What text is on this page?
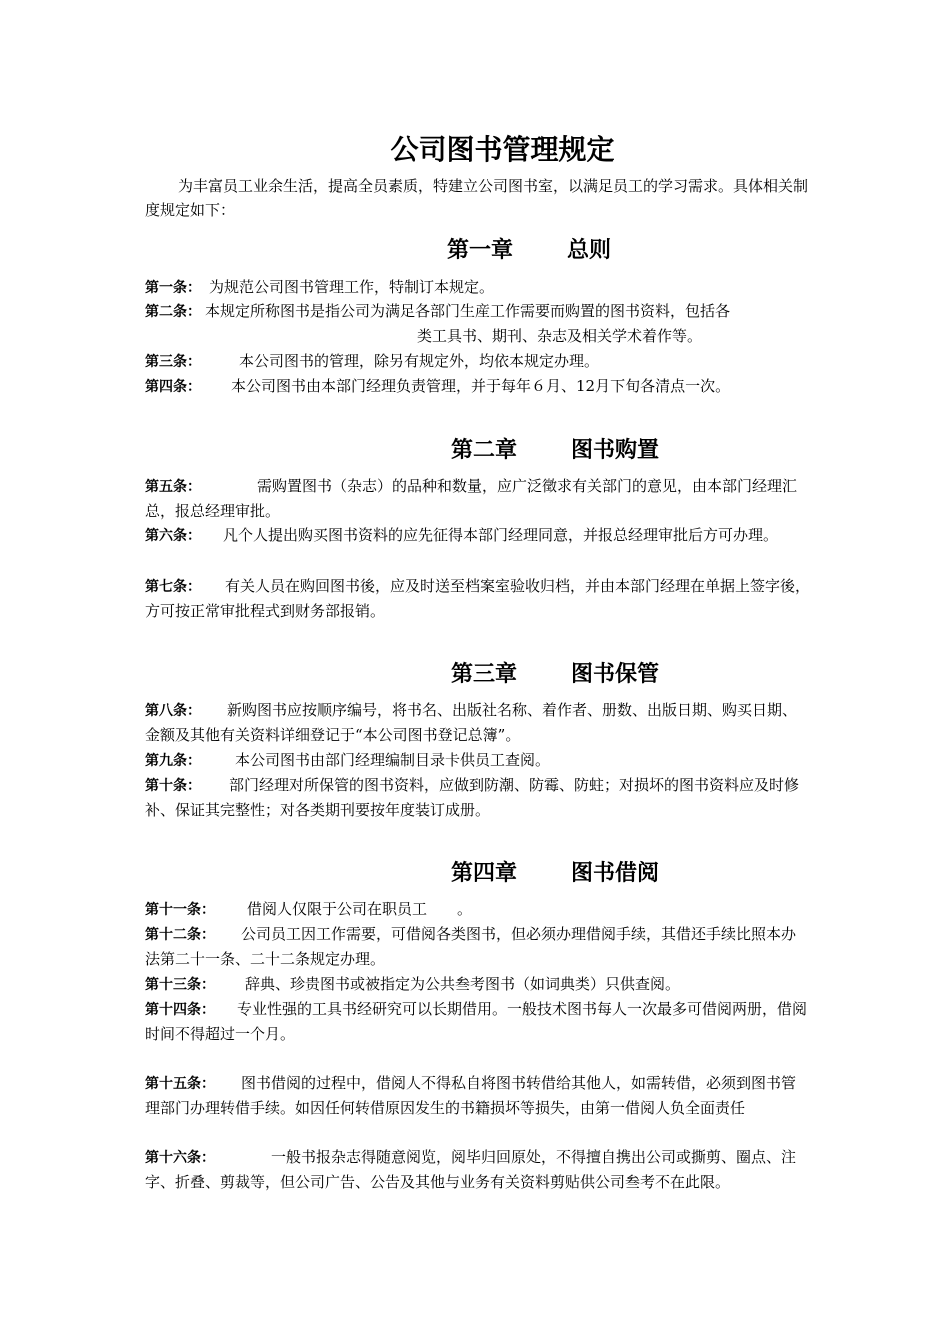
公司图书管理规定
为丰富员工业余生活，提高全员素质，特建立公司图书室，以满足员工的学习需求。具体相关制度规定如下：
第一章 总则
第一条： 为规范公司图书管理工作，特制订本规定。
第二条： 本规定所称图书是指公司为满足各部门生産工作需要而购置的图书资料，包括各
类工具书、期刊、杂志及相关学术着作等。
第三条：	本公司图书的管理，除另有规定外，均依本规定办理。
第四条： 本公司图书由本部门经理负责管理，并于每年６月、12月下旬各清点一次。
第二章 图书购置
第五条：	需购置图书（杂志）的品种和数量，应广泛徵求有关部门的意见，由本部门经理汇总，报总经理审批。
第六条： 凡个人提出购买图书资料的应先征得本部门经理同意，并报总经理审批后方可办理。
第七条： 有关人员在购回图书後，应及时送至档案室验收归档，并由本部门经理在单据上签字後，方可按正常审批程式到财务部报销。
第三章 图书保管
第八条： 新购图书应按顺序编号，将书名、出版社名称、着作者、册数、出版日期、购买日期、金额及其他有关资料详细登记于“本公司图书登记总簿”。
第九条： 本公司图书由部门经理编制目录卡供员工查阅。
第十条： 部门经理对所保管的图书资料，应做到防潮、防霉、防蛀；对损坏的图书资料应及时修补、保证其完整性；对各类期刊要按年度装订成册。
第四章 图书借阅
第十一条： 借阅人仅限于公司在职员工　　。
第十二条： 公司员工因工作需要，可借阅各类图书，但必须办理借阅手续，其借还手续比照本办法第二十一条、二十二条规定办理。
第十三条： 辞典、珍贵图书或被指定为公共叁考图书（如词典类）只供查阅。
第十四条： 专业性强的工具书经研究可以长期借用。一般技术图书每人一次最多可借阅两册，借阅时间不得超过一个月。
第十五条： 图书借阅的过程中，借阅人不得私自将图书转借给其他人，如需转借，必须到图书管理部门办理转借手续。如因任何转借原因发生的书籍损坏等损失，由第一借阅人负全面责任
第十六条：	一般书报杂志得随意阅览，阅毕归回原处，不得擅自携出公司或撕剪、圈点、注字、折叠、剪裁等，但公司广告、公告及其他与业务有关资料剪贴供公司叁考不在此限。
